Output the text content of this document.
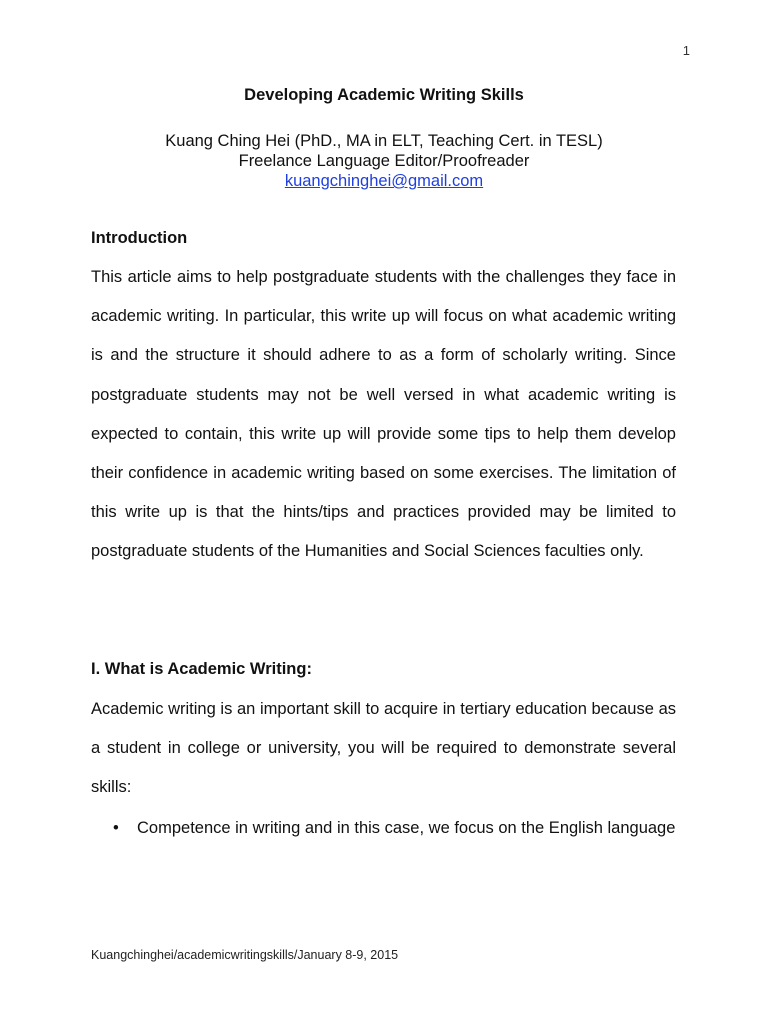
1
Developing Academic Writing Skills
Kuang Ching Hei (PhD., MA in ELT, Teaching Cert. in TESL)
Freelance Language Editor/Proofreader
kuangchinghei@gmail.com
Introduction

This article aims to help postgraduate students with the challenges they face in academic writing. In particular, this write up will focus on what academic writing is and the structure it should adhere to as a form of scholarly writing. Since postgraduate students may not be well versed in what academic writing is expected to contain, this write up will provide some tips to help them develop their confidence in academic writing based on some exercises. The limitation of this write up is that the hints/tips and practices provided may be limited to postgraduate students of the Humanities and Social Sciences faculties only.

I. What is Academic Writing:

Academic writing is an important skill to acquire in tertiary education because as a student in college or university, you will be required to demonstrate several skills:

• Competence in writing and in this case, we focus on the English language
Kuangchinghei/academicwritingskills/January 8-9, 2015
